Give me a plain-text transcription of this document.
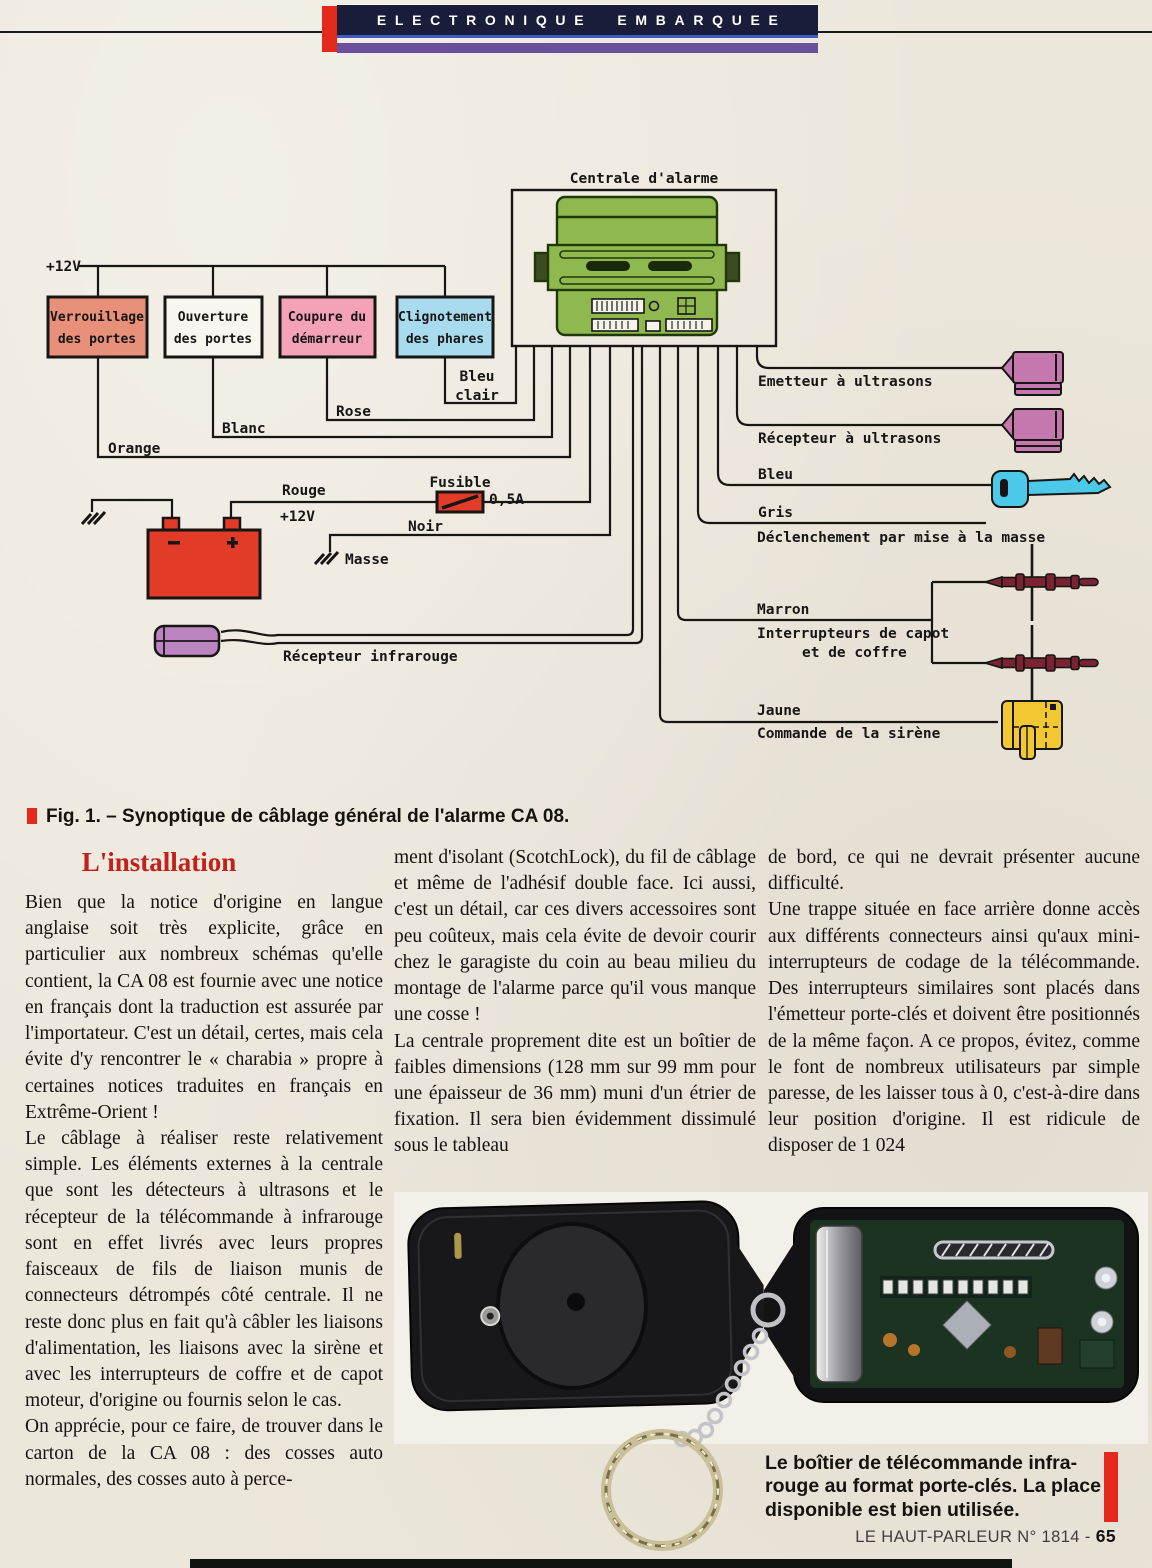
ELECTRONIQUE EMBARQUEE
Centrale d'alarme
+12V
Verrouillage
des portes
Ouverture
des portes
Coupure du
démarreur
Clignotement
des phares
Bleu
clair
Rose
Blanc
Orange
Rouge
+12V
Fusible
0,5A
Noir
Masse
Récepteur infrarouge
Emetteur à ultrasons
Récepteur à ultrasons
Bleu
Gris
Déclenchement par mise à la masse
Marron
Interrupteurs de capot
et de coffre
Jaune
Commande de la sirène
Fig. 1. – Synoptique de câblage général de l'alarme CA 08.
L'installation

Bien que la notice d'origine en langue anglaise soit très explicite, grâce en particulier aux nombreux schémas qu'elle contient, la CA 08 est fournie avec une notice en français dont la traduction est assurée par l'importateur. C'est un détail, certes, mais cela évite d'y rencontrer le « charabia » propre à certaines notices traduites en français en Extrême-Orient !

Le câblage à réaliser reste relativement simple. Les éléments externes à la centrale que sont les détecteurs à ultrasons et le récepteur de la télécommande à infrarouge sont en effet livrés avec leurs propres faisceaux de fils de liaison munis de connecteurs détrompés côté centrale. Il ne reste donc plus en fait qu'à câbler les liaisons d'alimentation, les liaisons avec la sirène et avec les interrupteurs de coffre et de capot moteur, d'origine ou fournis selon le cas.

On apprécie, pour ce faire, de trouver dans le carton de la CA 08 : des cosses auto normales, des cosses auto à perce-

ment d'isolant (ScotchLock), du fil de câblage et même de l'adhésif double face. Ici aussi, c'est un détail, car ces divers accessoires sont peu coûteux, mais cela évite de devoir courir chez le garagiste du coin au beau milieu du montage de l'alarme parce qu'il vous manque une cosse !

La centrale proprement dite est un boîtier de faibles dimensions (128 mm sur 99 mm pour une épaisseur de 36 mm) muni d'un étrier de fixation. Il sera bien évidemment dissimulé sous le tableau

de bord, ce qui ne devrait présenter aucune difficulté.

Une trappe située en face arrière donne accès aux différents connecteurs ainsi qu'aux mini-interrupteurs de codage de la télécommande. Des interrupteurs similaires sont placés dans l'émetteur porte-clés et doivent être positionnés de la même façon. A ce propos, évitez, comme le font de nombreux utilisateurs par simple paresse, de les laisser tous à 0, c'est-à-dire dans leur position d'origine. Il est ridicule de disposer de 1 024

Le boîtier de télécommande infra-rouge au format porte-clés. La place disponible est bien utilisée.
LE HAUT-PARLEUR N° 1814 - 65
